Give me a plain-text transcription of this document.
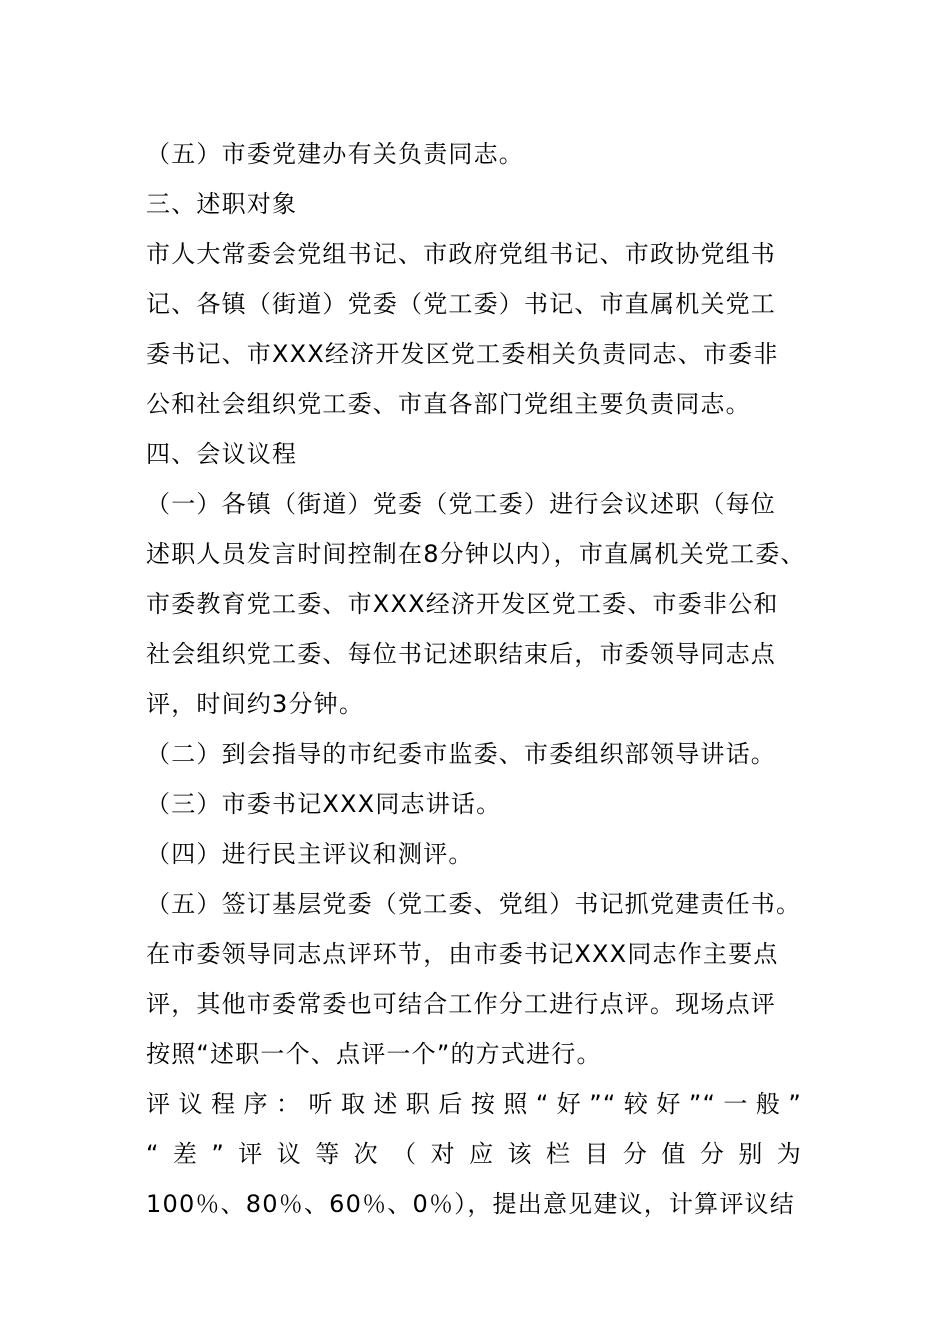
（五）市委党建办有关负责同志。
三、述职对象
市人大常委会党组书记、市政府党组书记、市政协党组书
记、各镇（街道）党委（党工委）书记、市直属机关党工
委书记、市XXX经济开发区党工委相关负责同志、市委非
公和社会组织党工委、市直各部门党组主要负责同志。
四、会议议程
（一）各镇（街道）党委（党工委）进行会议述职（每位
述职人员发言时间控制在8分钟以内），市直属机关党工委、
市委教育党工委、市XXX经济开发区党工委、市委非公和
社会组织党工委、每位书记述职结束后，市委领导同志点
评，时间约3分钟。
（二）到会指导的市纪委市监委、市委组织部领导讲话。
（三）市委书记XXX同志讲话。
（四）进行民主评议和测评。
（五）签订基层党委（党工委、党组）书记抓党建责任书。
在市委领导同志点评环节，由市委书记XXX同志作主要点
评，其他市委常委也可结合工作分工进行点评。现场点评
按照“述职一个、点评一个”的方式进行。
评议程序：听取述职后按照“好”“较好”“一般”
“差”评议等次（对应该栏目分值分别为
100％、80％、60％、0％），提出意见建议，计算评议结
